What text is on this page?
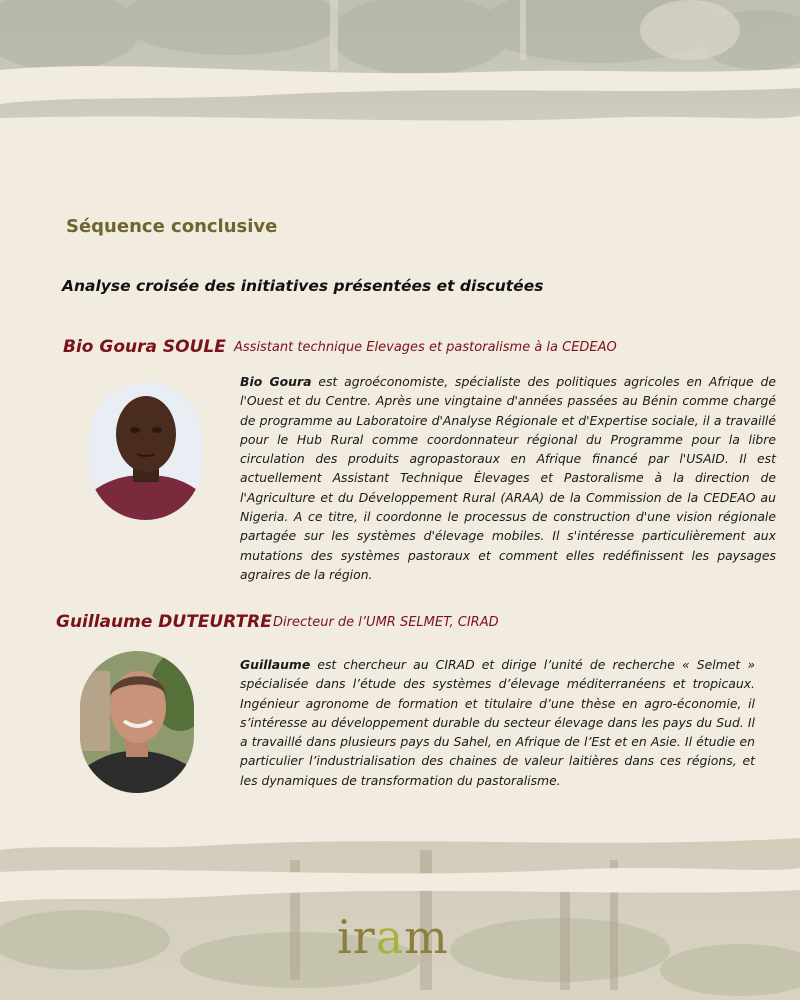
Séquence conclusive
Analyse croisée des initiatives présentées et discutées
Bio Goura SOULE Assistant technique Elevages et pastoralisme à la CEDEAO

Bio Goura est agroéconomiste, spécialiste des politiques agricoles en Afrique de l'Ouest et du Centre. Après une vingtaine d'années passées au Bénin comme chargé de programme au Laboratoire d'Analyse Régionale et d'Expertise sociale, il a travaillé pour le Hub Rural comme coordonnateur régional du Programme pour la libre circulation des produits agropastoraux en Afrique financé par l'USAID. Il est actuellement Assistant Technique Élevages et Pastoralisme à la direction de l'Agriculture et du Développement Rural (ARAA) de la Commission de la CEDEAO au Nigeria. A ce titre, il coordonne le processus de construction d'une vision régionale partagée sur les systèmes d'élevage mobiles. Il s'intéresse particulièrement aux mutations des systèmes pastoraux et comment elles redéfinissent les paysages agraires de la région.

Guillaume DUTEURTRE Directeur de l’UMR SELMET, CIRAD

Guillaume est chercheur au CIRAD et dirige l’unité de recherche « Selmet » spécialisée dans l’étude des systèmes d’élevage méditerranéens et tropicaux. Ingénieur agronome de formation et titulaire d’une thèse en agro-économie, il s’intéresse au développement durable du secteur élevage dans les pays du Sud. Il a travaillé dans plusieurs pays du Sahel, en Afrique de l’Est et en Asie. Il étudie en particulier l’industrialisation des chaines de valeur laitières dans ces régions, et les dynamiques de transformation du pastoralisme.

iram
